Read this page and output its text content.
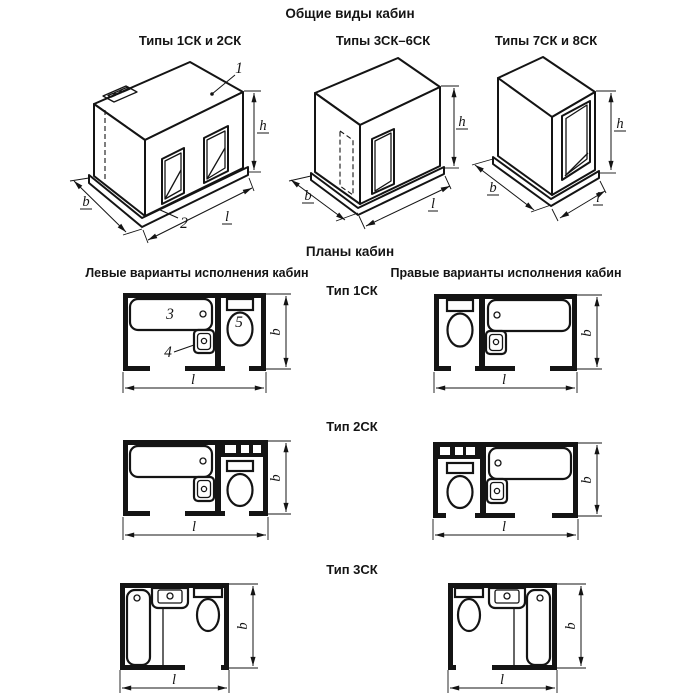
Общие виды кабин
Типы 1СК и 2СК	Типы 3СК–6СК	Типы 7СК и 8СК
Планы кабин
Левые варианты исполнения кабин	Правые варианты исполнения кабин
Тип 1СК
Тип 2СК
Тип 3СК
1
2
h
b
l
h
b	l
h
b
l
3
4
5
b
l
b
l
b
l
b
l
b
l
b
l
